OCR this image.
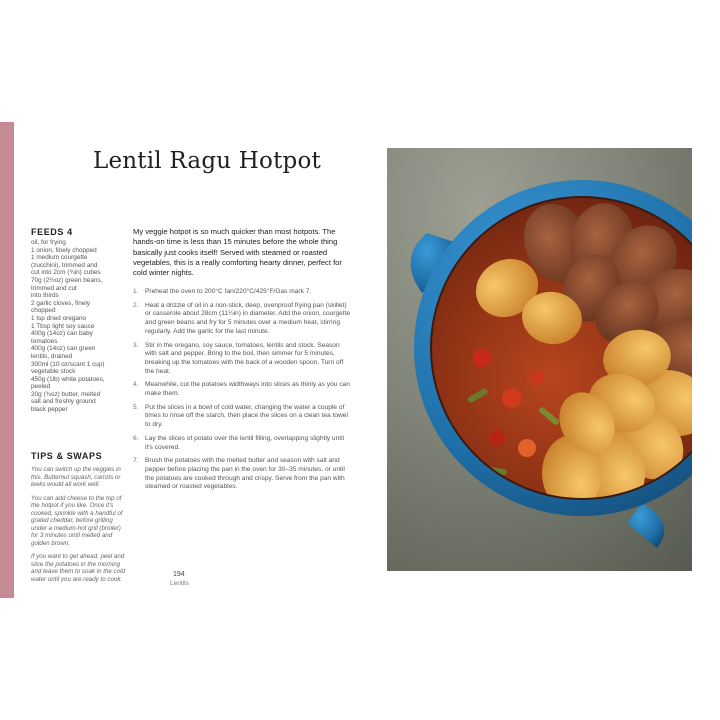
Lentil Ragu Hotpot
FEEDS 4
oil, for frying
1 onion, finely chopped
1 medium courgette
(zucchini), trimmed and
cut into 2cm (¾in) cubes
70g (2½oz) green beans,
trimmed and cut
into thirds
2 garlic cloves, finely
chopped
1 tsp dried oregano
1 Tbsp light soy sauce
400g (14oz) can baby
tomatoes
400g (14oz) can green
lentils, drained
300ml (10 oz/scant 1 cup)
vegetable stock
450g (1lb) white potatoes,
peeled
20g (¾oz) butter, melted
salt and freshly ground
black pepper
TIPS & SWAPS

You can switch up the veggies in this. Butternut squash, carrots or leeks would all work well.

You can add cheese to the top of the hotpot if you like. Once it's cooked, sprinkle with a handful of grated cheddar, before grilling under a medium-hot grill (broiler) for 3 minutes until melted and golden brown.

If you want to get ahead, peel and slice the potatoes in the morning and leave them to soak in the cold water until you are ready to cook.

My veggie hotpot is so much quicker than most hotpots. The hands-on time is less than 15 minutes before the whole thing basically just cooks itself! Served with steamed or roasted vegetables, this is a really comforting hearty dinner, perfect for cold winter nights.

1. Preheat the oven to 200°C fan/220°C/425°F/Gas mark 7.
2. Heat a drizzle of oil in a non-stick, deep, ovenproof frying pan (skillet) or casserole about 28cm (11¼in) in diameter. Add the onion, courgette and green beans and fry for 5 minutes over a medium heat, stirring regularly. Add the garlic for the last minute.
3. Stir in the oregano, soy sauce, tomatoes, lentils and stock. Season with salt and pepper. Bring to the boil, then simmer for 5 minutes, breaking up the tomatoes with the back of a wooden spoon. Turn off the heat.
4. Meanwhile, cut the potatoes widthways into slices as thinly as you can make them.
5. Put the slices in a bowl of cold water, changing the water a couple of times to rinse off the starch, then place the slices on a clean tea towel to dry.
6. Lay the slices of potato over the lentil filling, overlapping slightly until it's covered.
7. Brush the potatoes with the melted butter and season with salt and pepper before placing the pan in the oven for 30–35 minutes, or until the potatoes are cooked through and crispy. Serve from the pan with steamed or roasted vegetables.
194
Lentils
